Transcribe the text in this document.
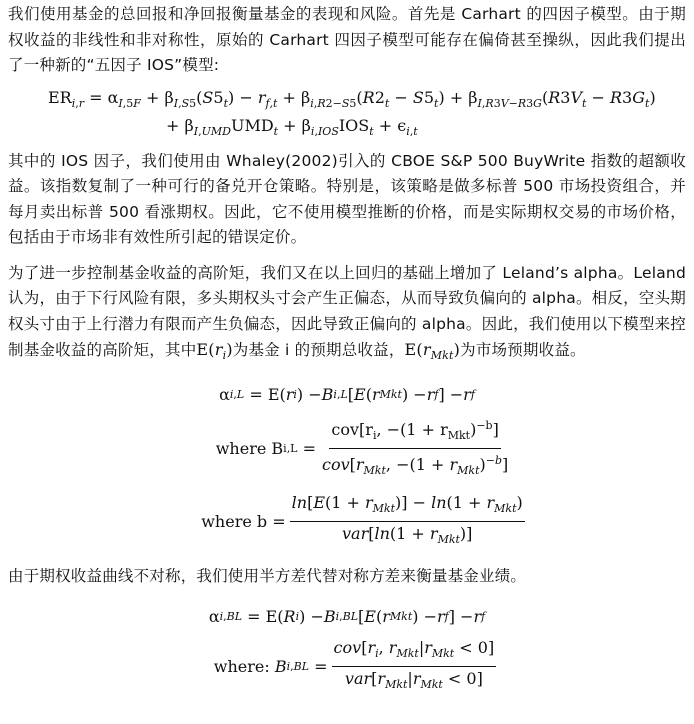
我们使用基金的总回报和净回报衡量基金的表现和风险。首先是 Carhart 的四因子模型。由于期权收益的非线性和非对称性，原始的 Carhart 四因子模型可能存在偏倚甚至操纵，因此我们提出了一种新的“五因子 IOS”模型:

$ER_{i,r} = \alpha_{I,5F} + \beta_{I,S5}(S5_t) - r_{f,t} + \beta_{i,R2-S5}(R2_t - S5_t) + \beta_{I,R3V-R3G}(R3V_t - R3G_t)$
+ $\beta_{I,UMD}UMD_t + \beta_{i,IOS}IOS_t + \epsilon_{i,t}$

其中的 IOS 因子，我们使用由 Whaley(2002)引入的 CBOE S&P 500 BuyWrite 指数的超额收益。该指数复制了一种可行的备兑开仓策略。特别是，该策略是做多标普 500 市场投资组合，并每月卖出标普 500 看涨期权。因此，它不使用模型推断的价格，而是实际期权交易的市场价格，包括由于市场非有效性所引起的错误定价。

为了进一步控制基金收益的高阶矩，我们又在以上回归的基础上增加了 Leland’s alpha。Leland 认为，由于下行风险有限，多头期权头寸会产生正偏态，从而导致负偏向的 alpha。相反，空头期权头寸由于上行潜力有限而产生负偏态，因此导致正偏向的 alpha。因此，我们使用以下模型来控制基金收益的高阶矩，其中$E(r_i)$为基金 i 的预期总收益，$E(r_{Mkt})$为市场预期收益。

α i,L = E( r i ) − B i,L [ E ( r Mkt ) − r f ] − r f
where B $i,L = \frac{cov[r_i, -(1 + r_{Mkt})^{-b}]}{cov[r_{Mkt}, -(1 + r_{Mkt})^{-b}]}$
where $b = \frac{\ln[E(1 + r_{Mkt})] - \ln(1 + r_{Mkt})}{var[\ln(1 + r_{Mkt})]}$

由于期权收益曲线不对称，我们使用半方差代替对称方差来衡量基金业绩。

α i,BL = E( R i ) − B i,BL [ E ( r Mkt ) − r f ] − r f
where:
B $i,BL = \frac{cov[r_i, r_{Mkt}|r_{Mkt} < 0]}{var[r_{Mkt}|r_{Mkt} < 0]}$
